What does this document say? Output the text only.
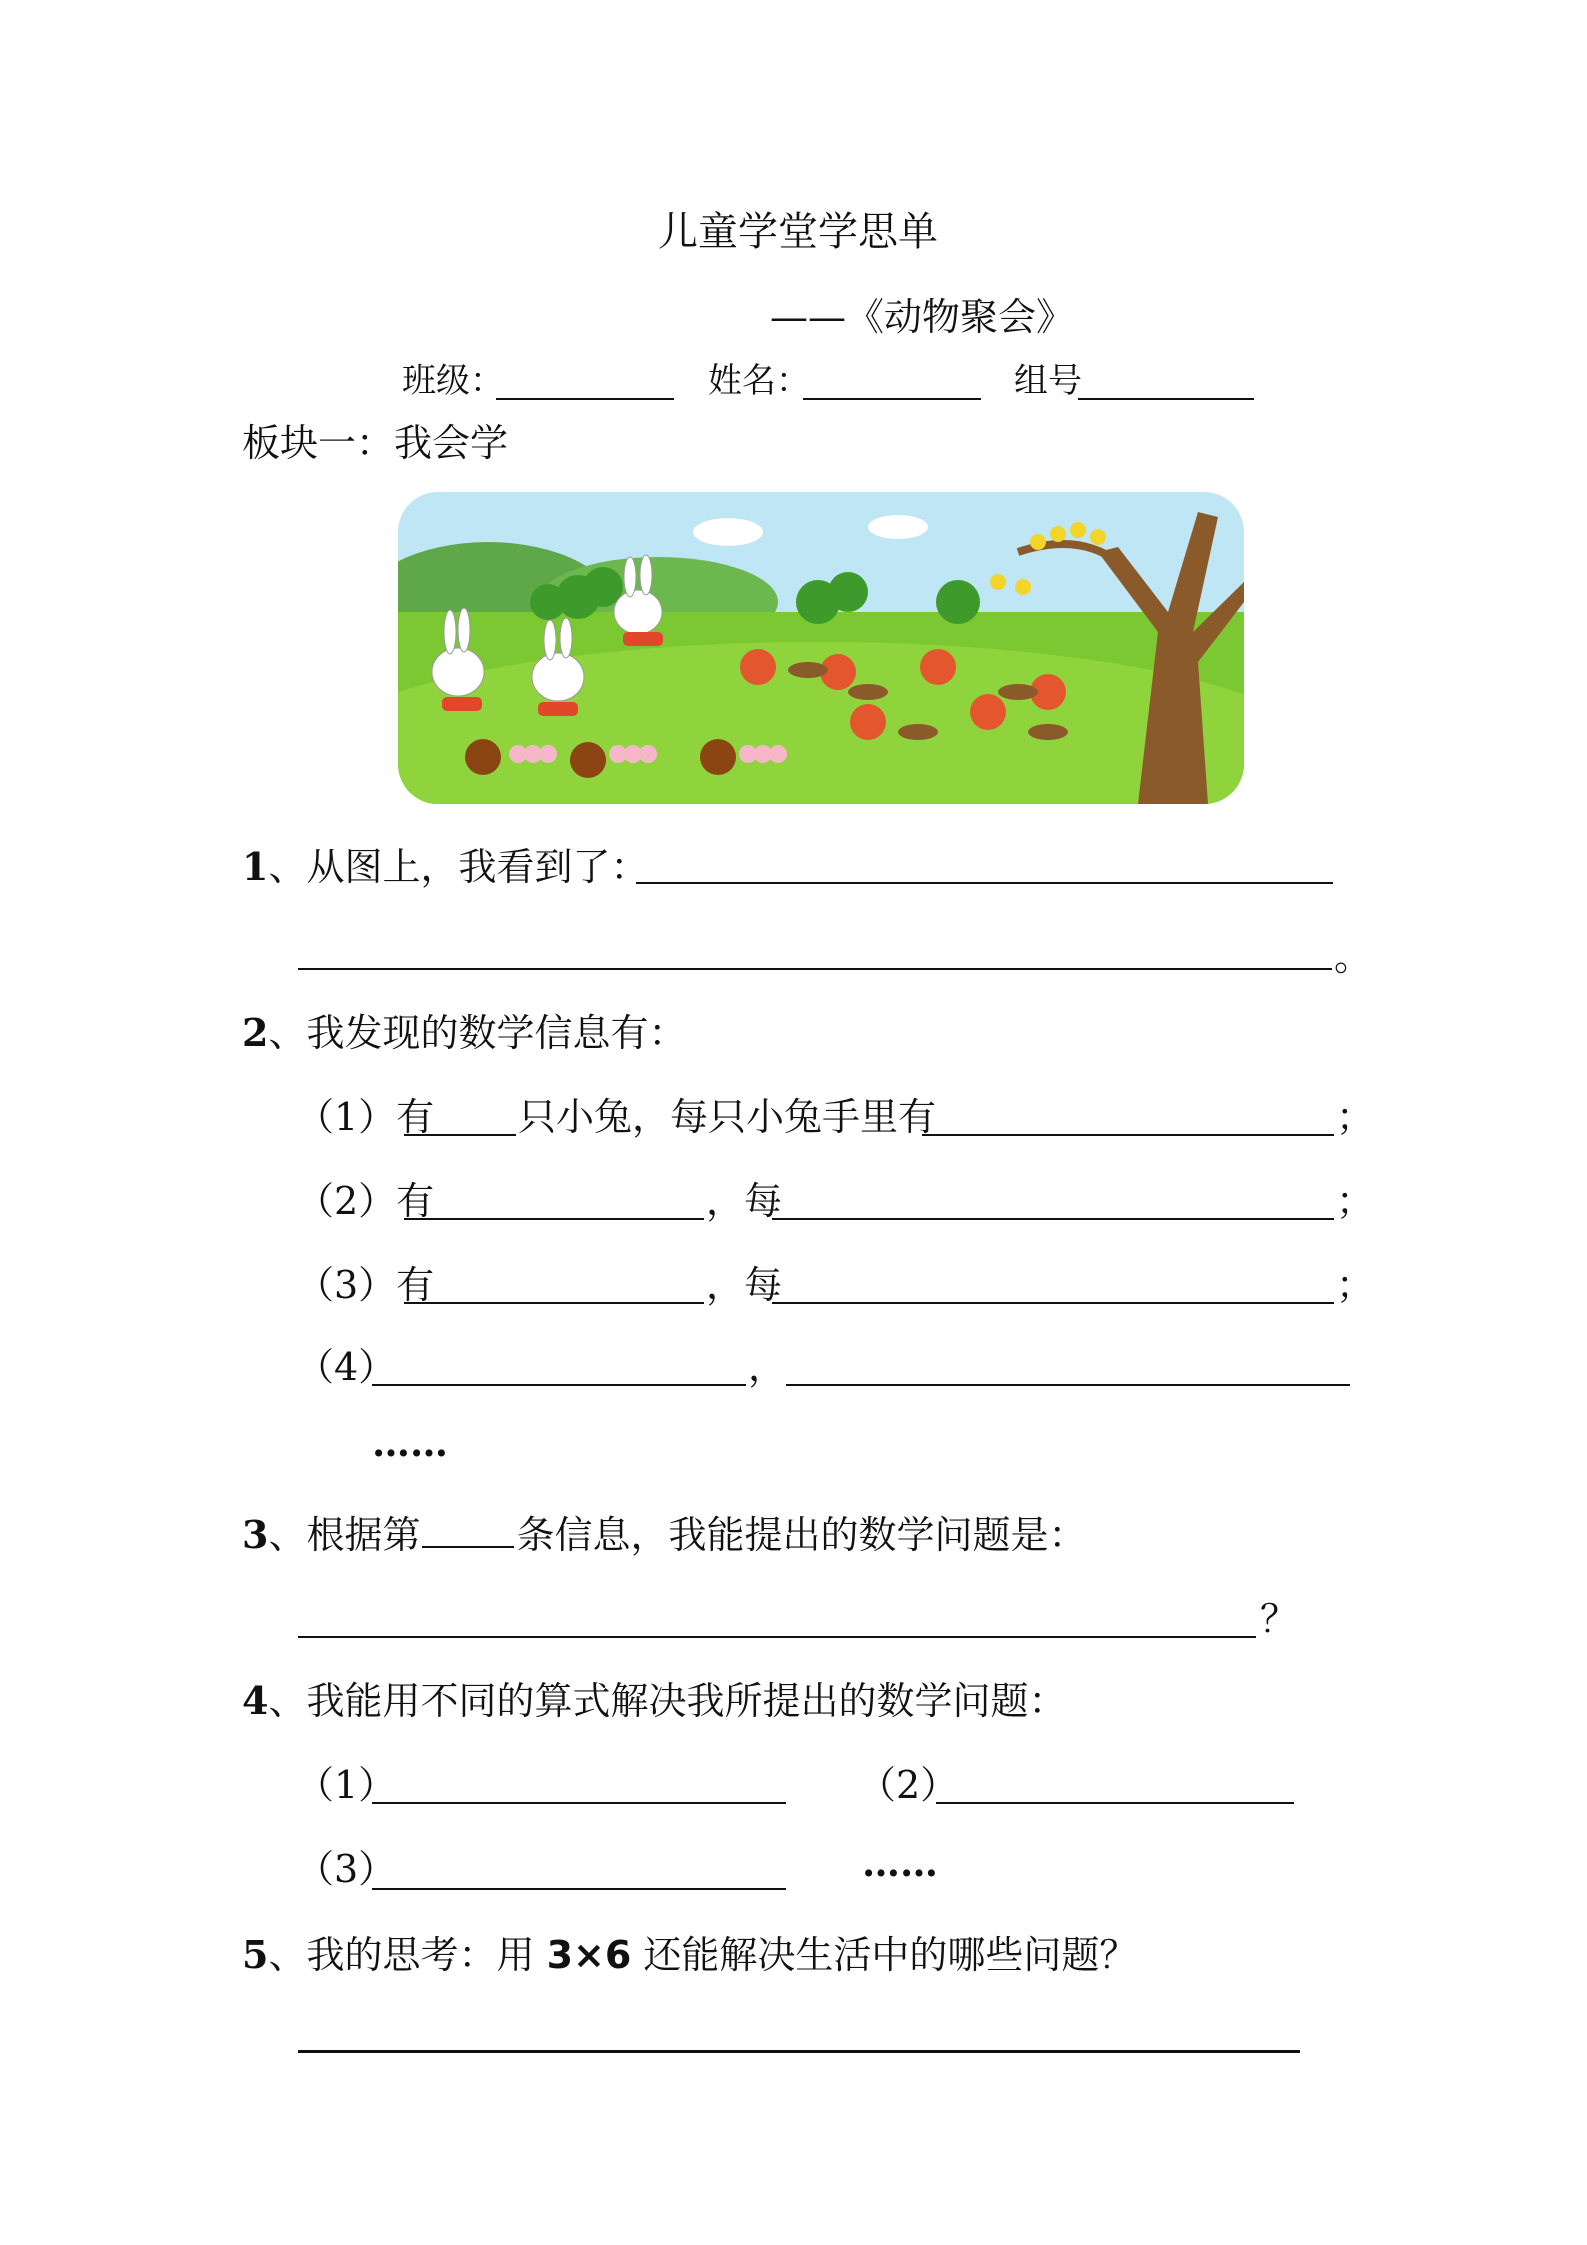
儿童学堂学思单
——《动物聚会》
班级：	姓名：	组号
板块一：我会学
1、从图上，我看到了：
。
2、我发现的数学信息有：
（1）有 只小兔，每只小兔手里有	；
（2）有	，每	；
（3）有	，每	；
（4）	，
……
3、根据第	条信息，我能提出的数学问题是：
？
4、我能用不同的算式解决我所提出的数学问题：
（1）	（2）
（3）	……
5、我的思考：用 3×6 还能解决生活中的哪些问题？
